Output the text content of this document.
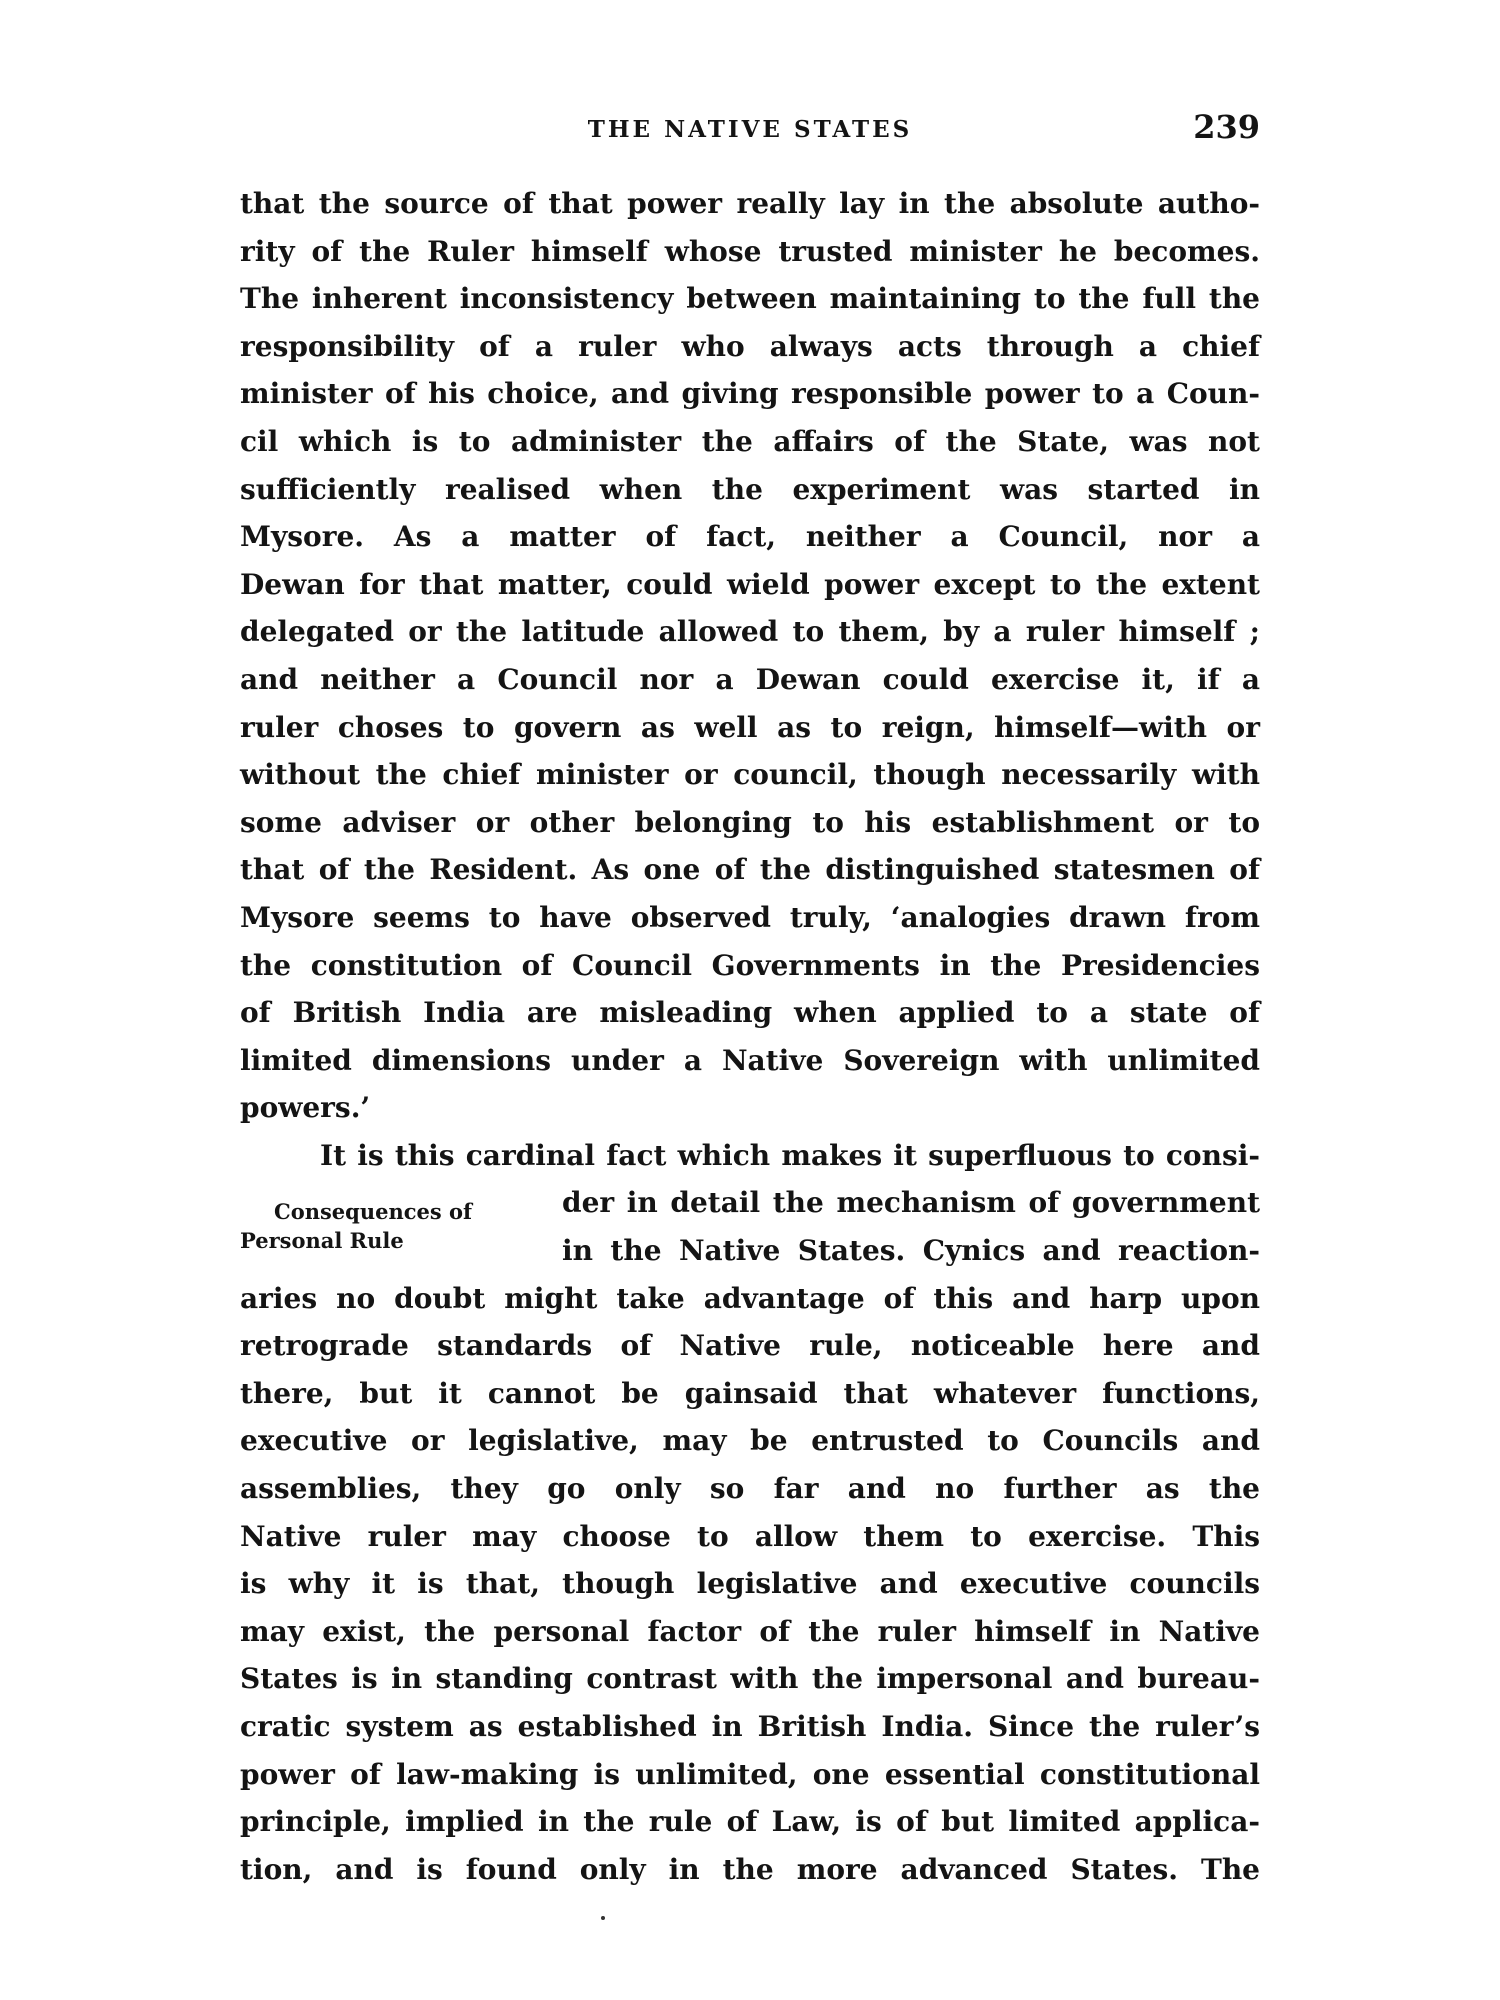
THE NATIVE STATES	239
that the source of that power really lay in the absolute autho-
rity of the Ruler himself whose trusted minister he becomes.
The inherent inconsistency between maintaining to the full the
responsibility of a ruler who always acts through a chief
minister of his choice, and giving responsible power to a Coun-
cil which is to administer the affairs of the State, was not
sufficiently realised when the experiment was started in
Mysore. As a matter of fact, neither a Council, nor a
Dewan for that matter, could wield power except to the extent
delegated or the latitude allowed to them, by a ruler himself ;
and neither a Council nor a Dewan could exercise it, if a
ruler choses to govern as well as to reign, himself—with or
without the chief minister or council, though necessarily with
some adviser or other belonging to his establishment or to
that of the Resident. As one of the distinguished statesmen of
Mysore seems to have observed truly, ‘analogies drawn from
the constitution of Council Governments in the Presidencies
of British India are misleading when applied to a state of
limited dimensions under a Native Sovereign with unlimited
powers.’
It is this cardinal fact which makes it superfluous to consi-
der in detail the mechanism of government
in the Native States. Cynics and reaction-
aries no doubt might take advantage of this and harp upon
retrograde standards of Native rule, noticeable here and
there, but it cannot be gainsaid that whatever functions,
executive or legislative, may be entrusted to Councils and
assemblies, they go only so far and no further as the
Native ruler may choose to allow them to exercise. This
is why it is that, though legislative and executive councils
may exist, the personal factor of the ruler himself in Native
States is in standing contrast with the impersonal and bureau-
cratic system as established in British India. Since the ruler’s
power of law-making is unlimited, one essential constitutional
principle, implied in the rule of Law, is of but limited applica-
tion, and is found only in the more advanced States. The
Consequences of
Personal Rule
